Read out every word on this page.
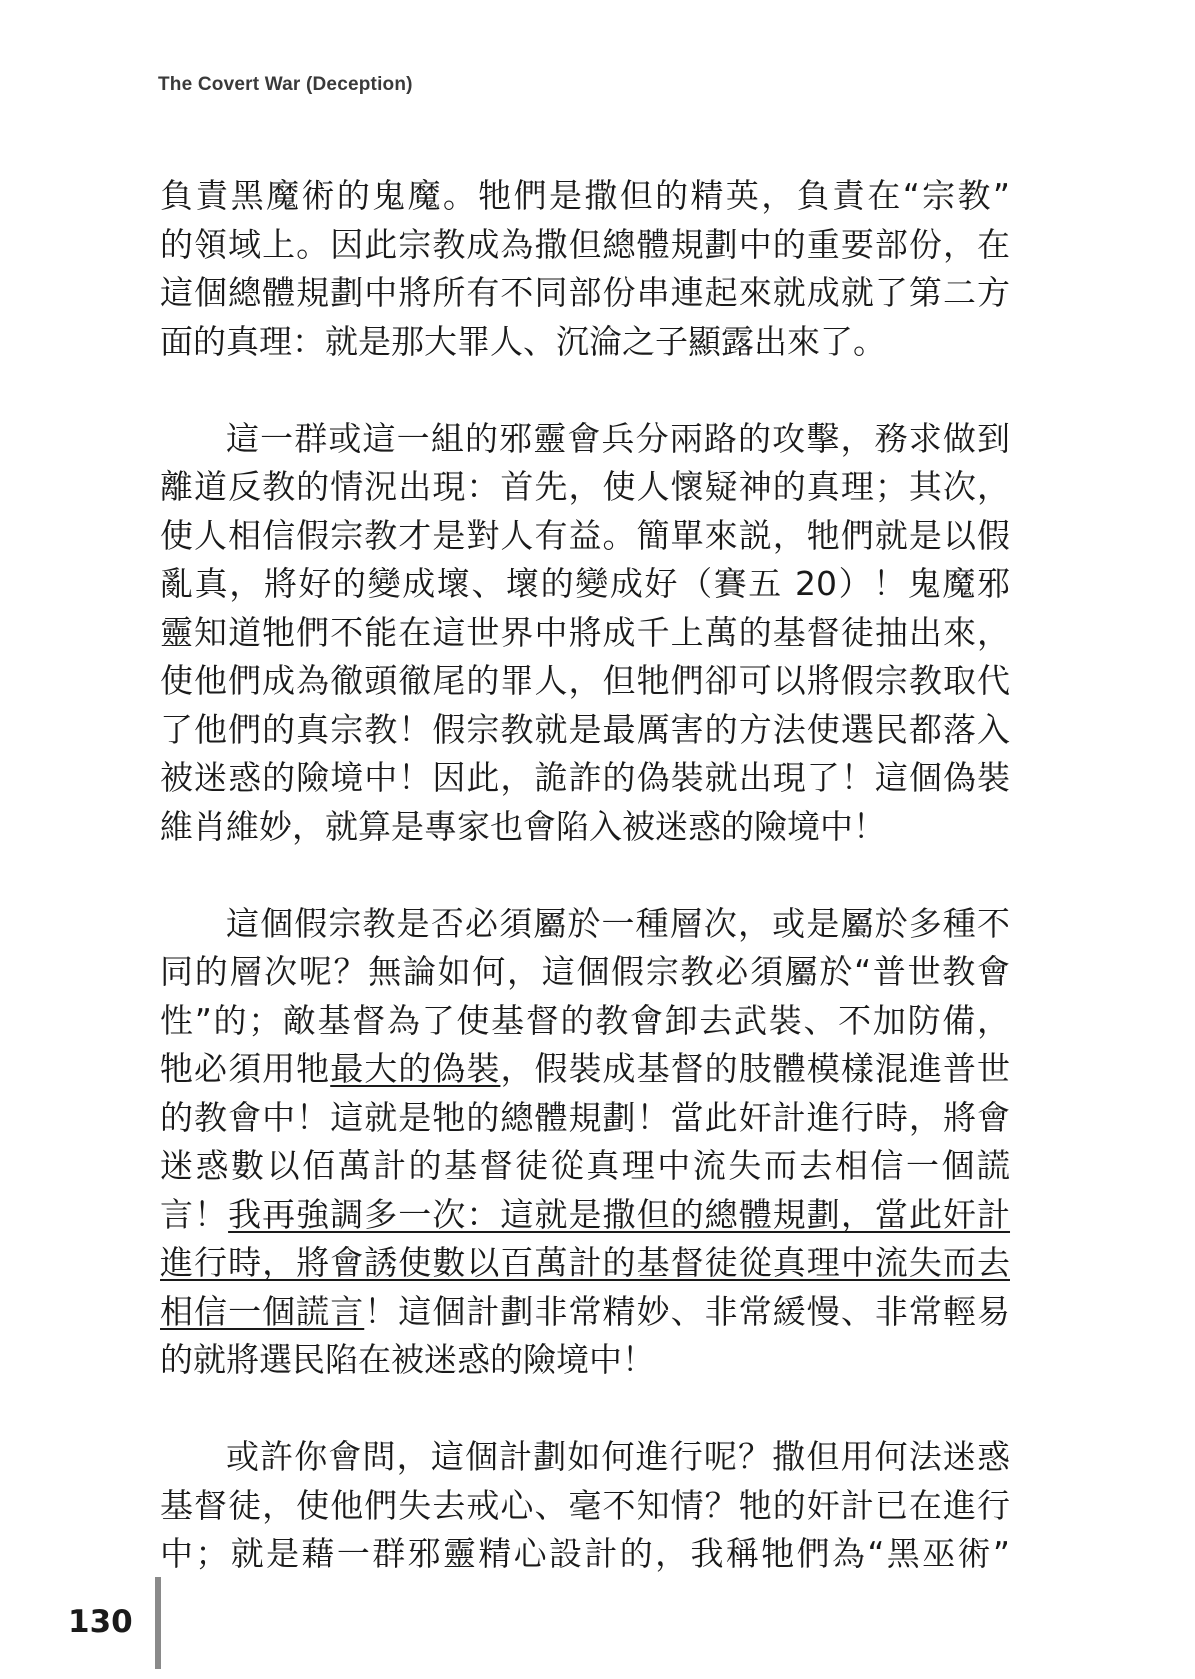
The Covert War (Deception)
負責黑魔術的鬼魔。牠們是撒但的精英，負責在“宗教”
的領域上。因此宗教成為撒但總體規劃中的重要部份，在
這個總體規劃中將所有不同部份串連起來就成就了第二方
面的真理：就是那大罪人、沉淪之子顯露出來了。
這一群或這一組的邪靈會兵分兩路的攻擊，務求做到
離道反教的情況出現：首先，使人懷疑神的真理；其次，
使人相信假宗教才是對人有益。簡單來説，牠們就是以假
亂真，將好的變成壞、壞的變成好（賽五 20）！鬼魔邪
靈知道牠們不能在這世界中將成千上萬的基督徒抽出來，
使他們成為徹頭徹尾的罪人，但牠們卻可以將假宗教取代
了他們的真宗教！假宗教就是最厲害的方法使選民都落入
被迷惑的險境中！因此，詭詐的偽裝就出現了！這個偽裝
維肖維妙，就算是專家也會陷入被迷惑的險境中！
這個假宗教是否必須屬於一種層次，或是屬於多種不
同的層次呢？無論如何，這個假宗教必須屬於“普世教會
性”的；敵基督為了使基督的教會卸去武裝、不加防備，
牠必須用牠最大的偽裝，假裝成基督的肢體模樣混進普世
的教會中！這就是牠的總體規劃！當此奸計進行時，將會
迷惑數以佰萬計的基督徒從真理中流失而去相信一個謊
言！我再強調多一次：這就是撒但的總體規劃，當此奸計
進行時，將會誘使數以百萬計的基督徒從真理中流失而去
相信一個謊言！這個計劃非常精妙、非常緩慢、非常輕易
的就將選民陷在被迷惑的險境中！
或許你會問，這個計劃如何進行呢？撒但用何法迷惑
基督徒，使他們失去戒心、毫不知情？牠的奸計已在進行
中；就是藉一群邪靈精心設計的，我稱牠們為“黑巫術”
130
